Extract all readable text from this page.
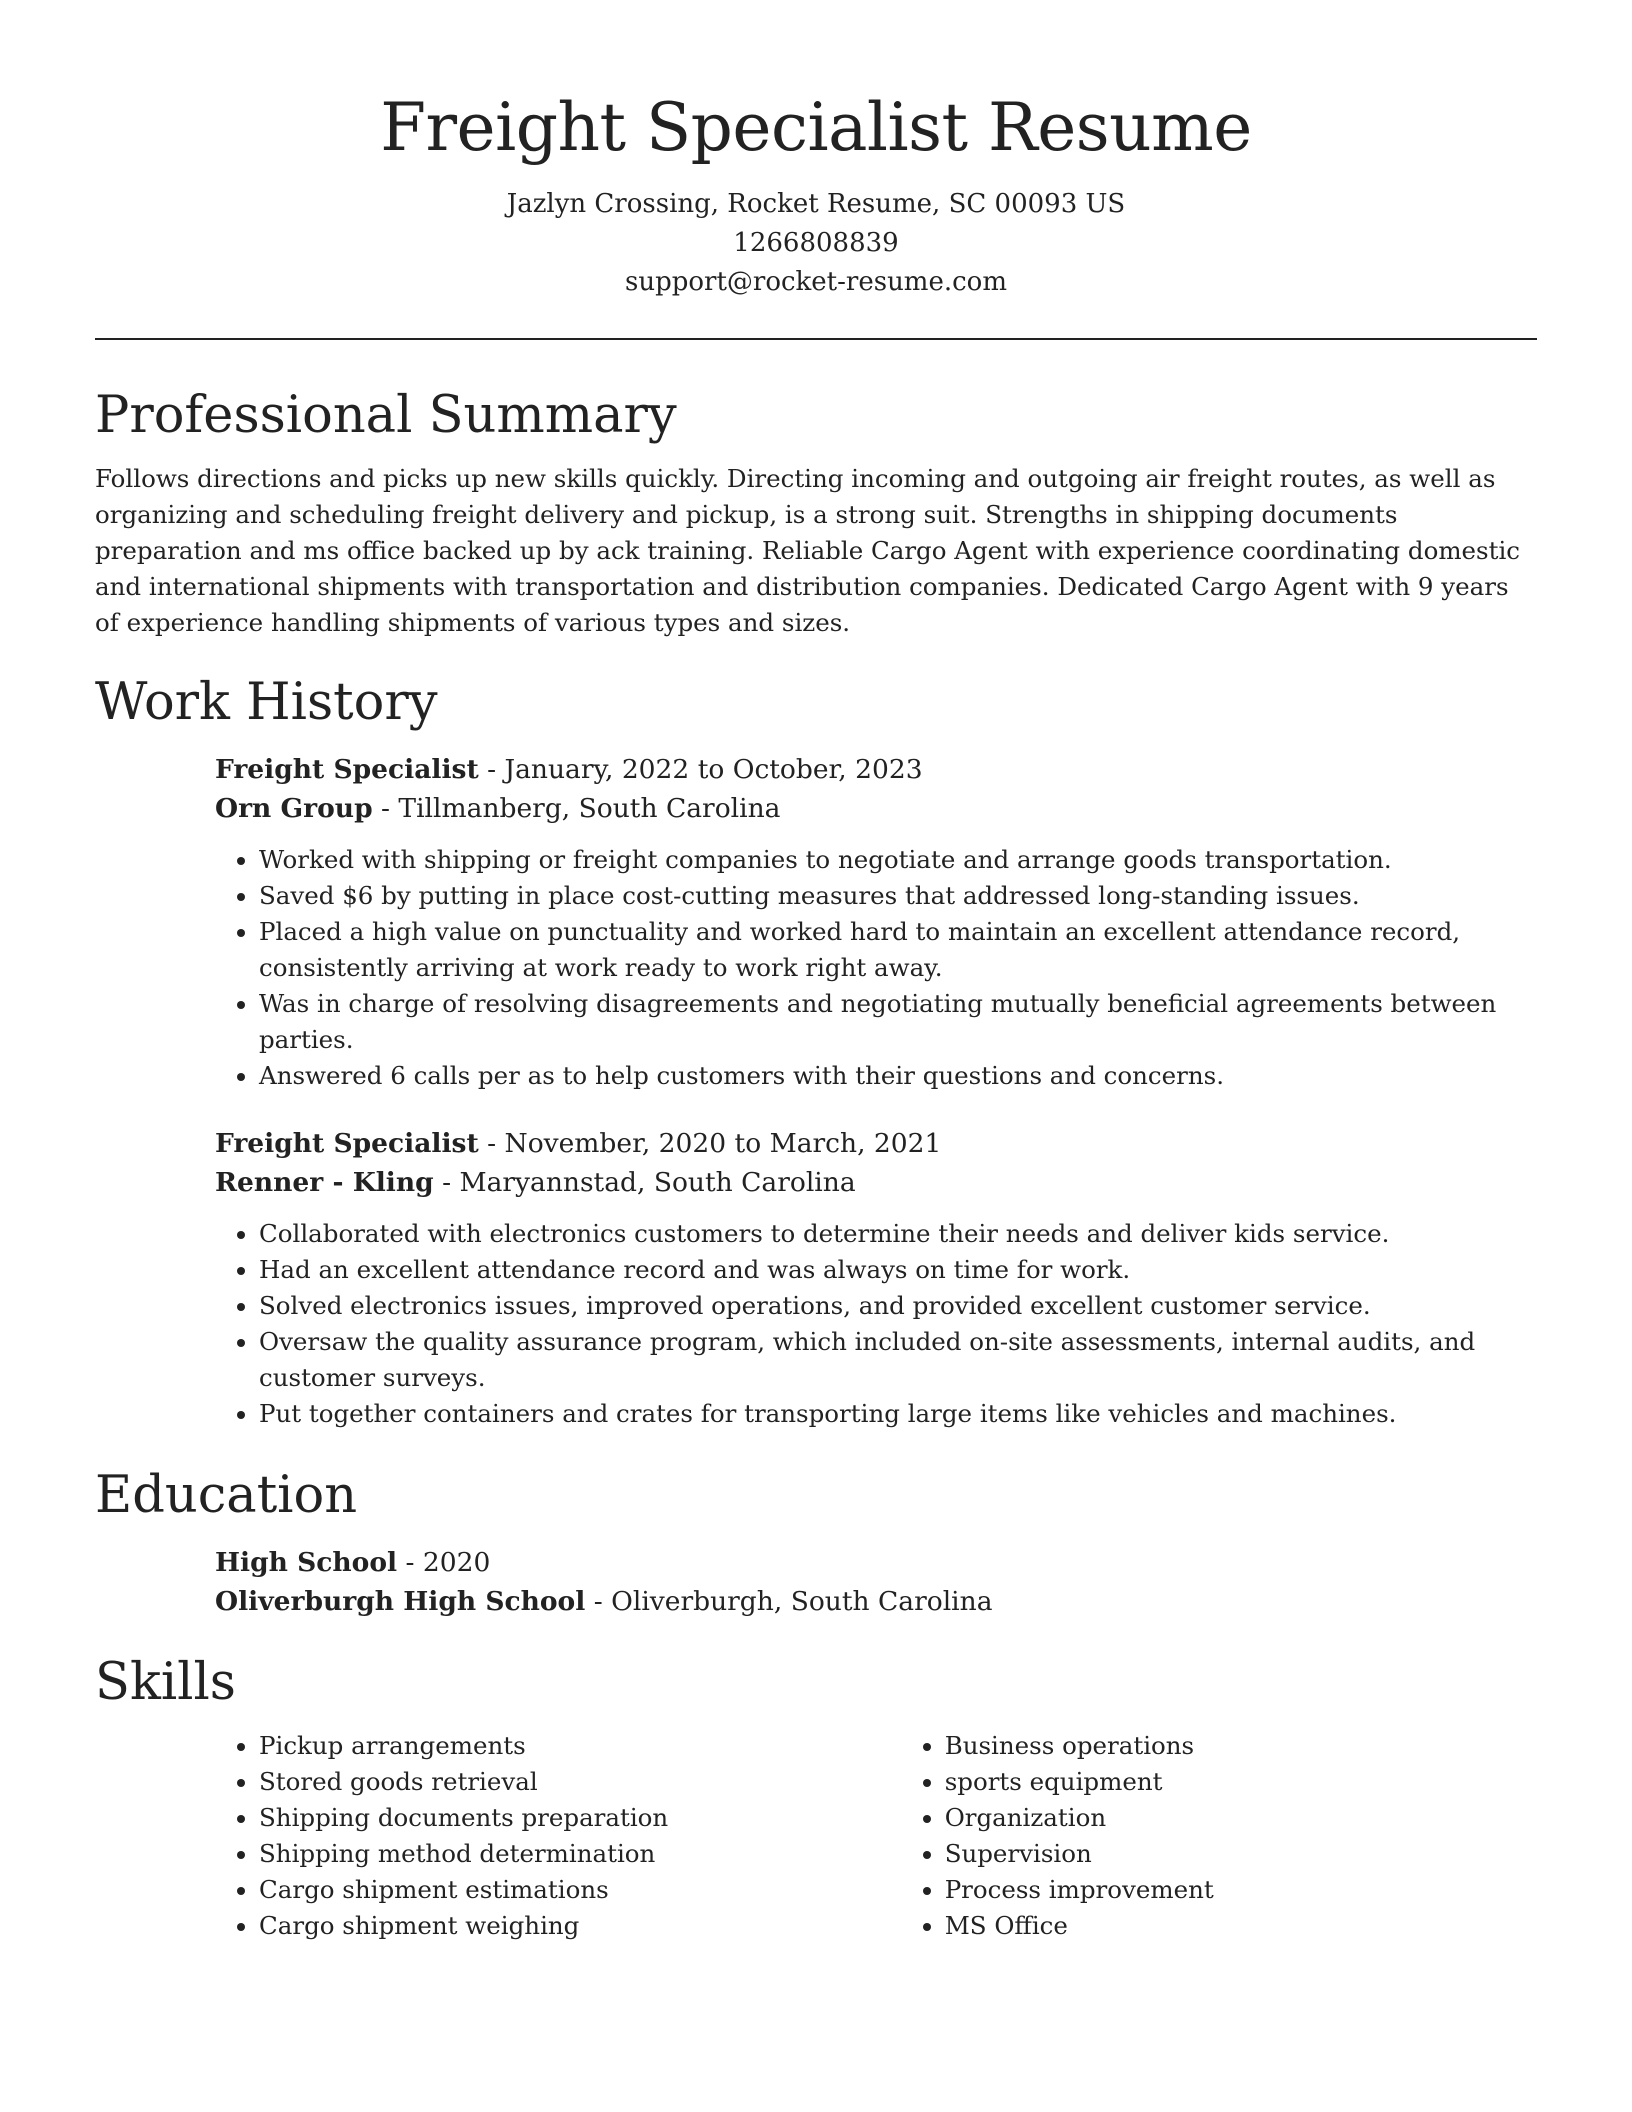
Freight Specialist Resume

Jazlyn Crossing, Rocket Resume, SC 00093 US

1266808839

support@rocket-resume.com

Professional Summary

Follows directions and picks up new skills quickly. Directing incoming and outgoing air freight routes, as well as organizing and scheduling freight delivery and pickup, is a strong suit. Strengths in shipping documents preparation and ms office backed up by ack training. Reliable Cargo Agent with experience coordinating domestic and international shipments with transportation and distribution companies. Dedicated Cargo Agent with 9 years of experience handling shipments of various types and sizes.

Work History

Freight Specialist - January, 2022 to October, 2023

Orn Group - Tillmanberg, South Carolina

• Worked with shipping or freight companies to negotiate and arrange goods transportation.
• Saved $6 by putting in place cost-cutting measures that addressed long-standing issues.
• Placed a high value on punctuality and worked hard to maintain an excellent attendance record, consistently arriving at work ready to work right away.
• Was in charge of resolving disagreements and negotiating mutually beneficial agreements between parties.
• Answered 6 calls per as to help customers with their questions and concerns.

Freight Specialist - November, 2020 to March, 2021

Renner - Kling - Maryannstad, South Carolina

• Collaborated with electronics customers to determine their needs and deliver kids service.
• Had an excellent attendance record and was always on time for work.
• Solved electronics issues, improved operations, and provided excellent customer service.
• Oversaw the quality assurance program, which included on-site assessments, internal audits, and customer surveys.
• Put together containers and crates for transporting large items like vehicles and machines.
Education

High School - 2020

Oliverburgh High School - Oliverburgh, South Carolina

Skills
• Pickup arrangements
• Stored goods retrieval
• Shipping documents preparation
• Shipping method determination
• Cargo shipment estimations
• Cargo shipment weighing
• Business operations
• sports equipment
• Organization
• Supervision
• Process improvement
• MS Office
